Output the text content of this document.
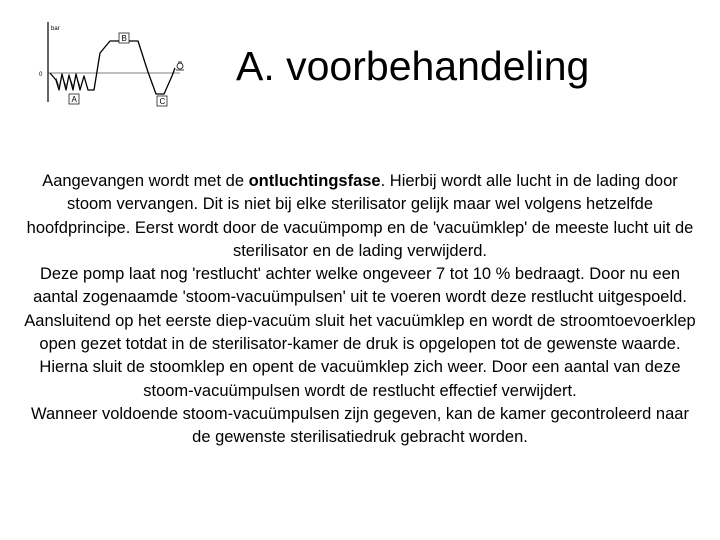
bar
0
B
A	C
A. voorbehandeling

Aangevangen wordt met de ontluchtingsfase. Hierbij wordt alle lucht in de lading door stoom vervangen. Dit is niet bij elke sterilisator gelijk maar wel volgens hetzelfde hoofdprincipe. Eerst wordt door de vacuümpomp en de 'vacuümklep' de meeste lucht uit de sterilisator en de lading verwijderd.

Deze pomp laat nog 'restlucht' achter welke ongeveer 7 tot 10 % bedraagt. Door nu een aantal zogenaamde 'stoom‑vacuümpulsen' uit te voeren wordt deze restlucht uitgespoeld. Aansluitend op het eerste diep‑vacuüm sluit het vacuümklep en wordt de stroomtoevoerklep open gezet totdat in de sterilisator-kamer de druk is opgelopen tot de gewenste waarde. Hierna sluit de stoomklep en opent de vacuümklep zich weer. Door een aantal van deze stoom‑vacuümpulsen wordt de restlucht effectief verwijdert.

Wanneer voldoende stoom‑vacuümpulsen zijn gegeven, kan de kamer gecontroleerd naar de gewenste sterilisatiedruk gebracht worden.
